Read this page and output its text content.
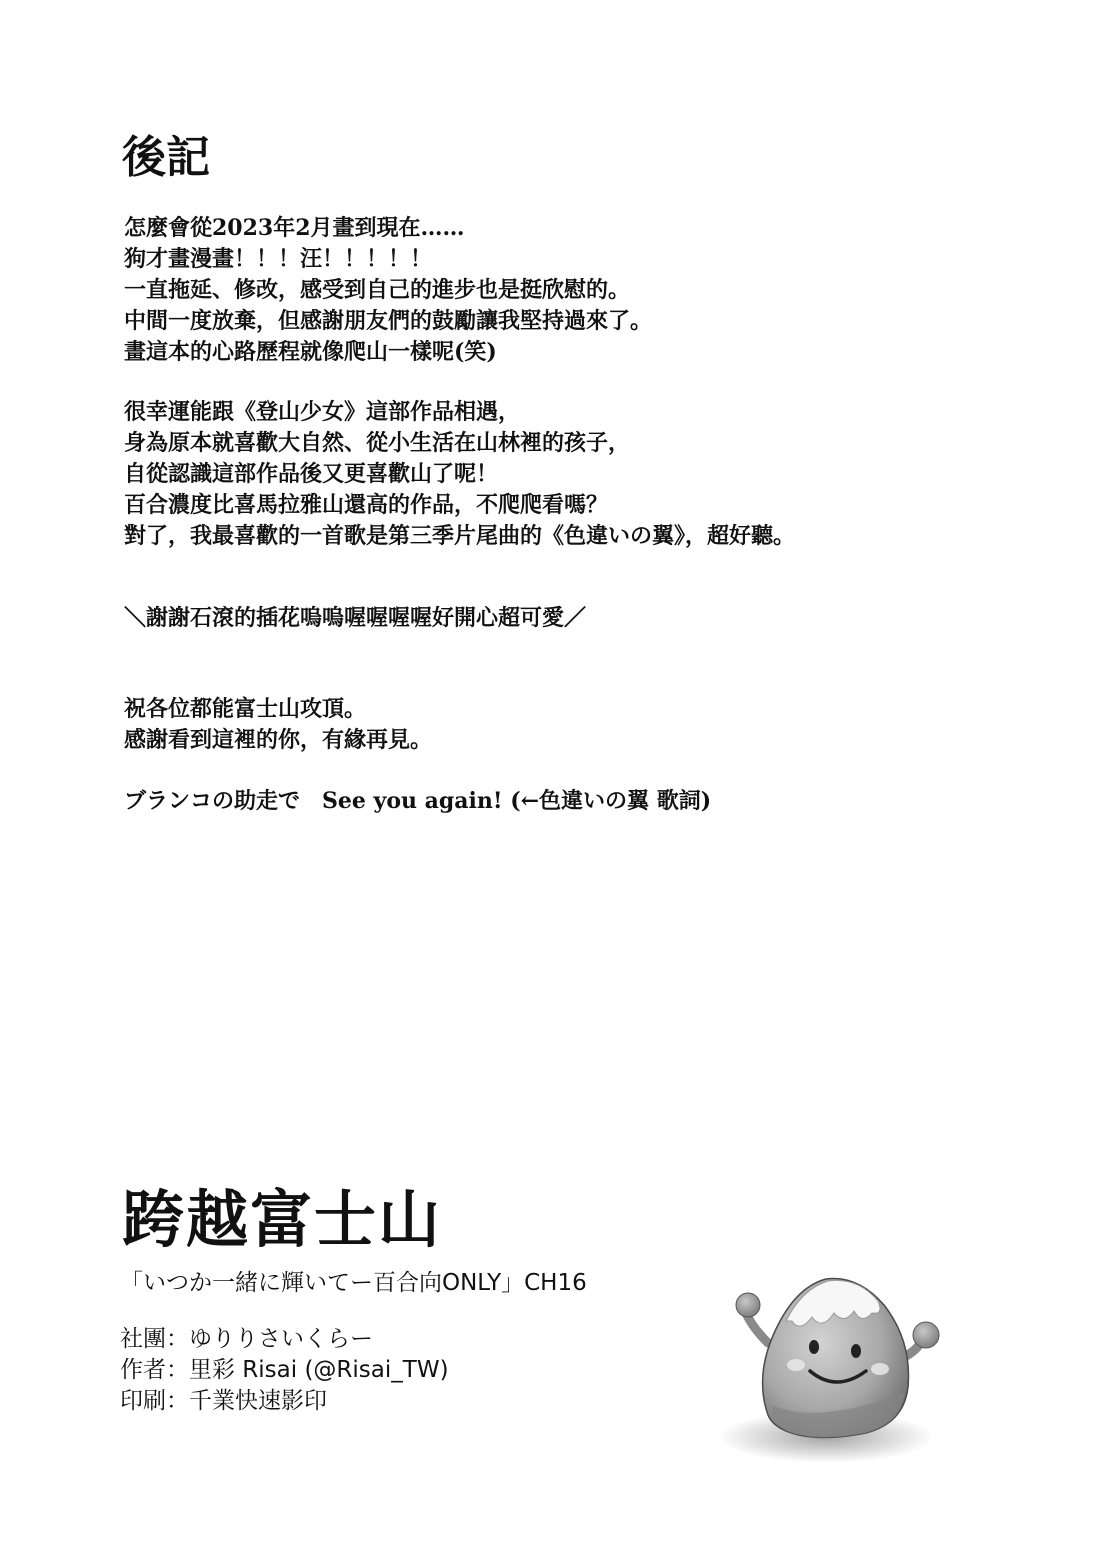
後記
怎麼會從2023年2月畫到現在……
狗才畫漫畫！！！汪！！！！！
一直拖延、修改，感受到自己的進步也是挺欣慰的。
中間一度放棄，但感謝朋友們的鼓勵讓我堅持過來了。
畫這本的心路歷程就像爬山一樣呢(笑)
很幸運能跟《登山少女》這部作品相遇，
身為原本就喜歡大自然、從小生活在山林裡的孩子，
自從認識這部作品後又更喜歡山了呢！
百合濃度比喜馬拉雅山還高的作品，不爬爬看嗎？
對了，我最喜歡的一首歌是第三季片尾曲的《色違いの翼》，超好聽。
＼謝謝石滾的插花嗚嗚喔喔喔喔好開心超可愛／
祝各位都能富士山攻頂。
感謝看到這裡的你，有緣再見。
ブランコの助走で　See you again! (←色違いの翼 歌詞)
跨越富士山
「いつか一緒に輝いてー百合向ONLY」CH16
社團：ゆりりさいくらー
作者：里彩 Risai (@Risai_TW)
印刷：千業快速影印
